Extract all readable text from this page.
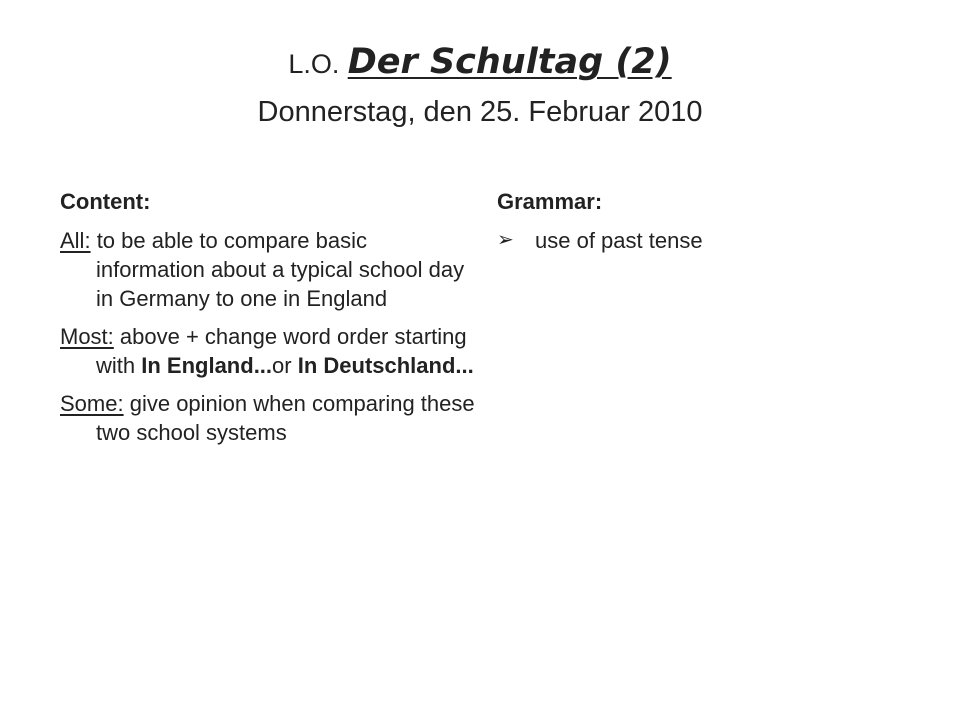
L.O. Der Schultag (2)
Donnerstag, den 25. Februar 2010
Content:

All: to be able to compare basic information about a typical school day in Germany to one in England

Most: above + change word order starting with In England...or In Deutschland...

Some: give opinion when comparing these two school systems

Grammar:
➢ use of past tense
